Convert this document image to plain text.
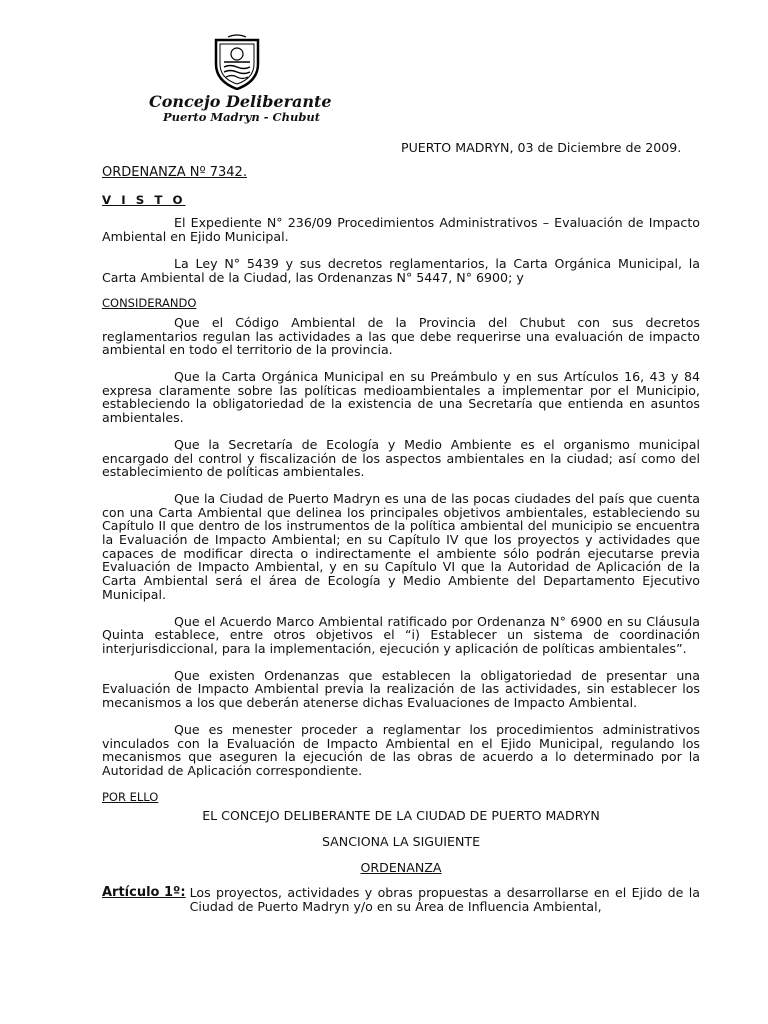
Concejo Deliberante
Puerto Madryn - Chubut
PUERTO MADRYN, 03 de Diciembre de 2009.
ORDENANZA Nº 7342.
V I S T O

El Expediente N° 236/09 Procedimientos Administrativos – Evaluación de Impacto Ambiental en Ejido Municipal.

La Ley N° 5439 y sus decretos reglamentarios, la Carta Orgánica Municipal, la Carta Ambiental de la Ciudad, las Ordenanzas N° 5447, N° 6900; y

CONSIDERANDO

Que el Código Ambiental de la Provincia del Chubut con sus decretos reglamentarios regulan las actividades a las que debe requerirse una evaluación de impacto ambiental en todo el territorio de la provincia.

Que la Carta Orgánica Municipal en su Preámbulo y en sus Artículos 16, 43 y 84 expresa claramente sobre las políticas medioambientales a implementar por el Municipio, estableciendo la obligatoriedad de la existencia de una Secretaría que entienda en asuntos ambientales.

Que la Secretaría de Ecología y Medio Ambiente es el organismo municipal encargado del control y fiscalización de los aspectos ambientales en la ciudad; así como del establecimiento de políticas ambientales.

Que la Ciudad de Puerto Madryn es una de las pocas ciudades del país que cuenta con una Carta Ambiental que delinea los principales objetivos ambientales, estableciendo su Capítulo II que dentro de los instrumentos de la política ambiental del municipio se encuentra la Evaluación de Impacto Ambiental; en su Capítulo IV que los proyectos y actividades que capaces de modificar directa o indirectamente el ambiente sólo podrán ejecutarse previa Evaluación de Impacto Ambiental, y en su Capítulo VI que la Autoridad de Aplicación de la Carta Ambiental será el área de Ecología y Medio Ambiente del Departamento Ejecutivo Municipal.

Que el Acuerdo Marco Ambiental ratificado por Ordenanza N° 6900 en su Cláusula Quinta establece, entre otros objetivos el “i) Establecer un sistema de coordinación interjurisdiccional, para la implementación, ejecución y aplicación de políticas ambientales”.

Que existen Ordenanzas que establecen la obligatoriedad de presentar una Evaluación de Impacto Ambiental previa la realización de las actividades, sin establecer los mecanismos a los que deberán atenerse dichas Evaluaciones de Impacto Ambiental.

Que es menester proceder a reglamentar los procedimientos administrativos vinculados con la Evaluación de Impacto Ambiental en el Ejido Municipal, regulando los mecanismos que aseguren la ejecución de las obras de acuerdo a lo determinado por la Autoridad de Aplicación correspondiente.

POR ELLO
EL CONCEJO DELIBERANTE DE LA CIUDAD DE PUERTO MADRYN
SANCIONA LA SIGUIENTE
ORDENANZA
Artículo 1º: Los proyectos, actividades y obras propuestas a desarrollarse en el Ejido de la Ciudad de Puerto Madryn y/o en su Área de Influencia Ambiental,
